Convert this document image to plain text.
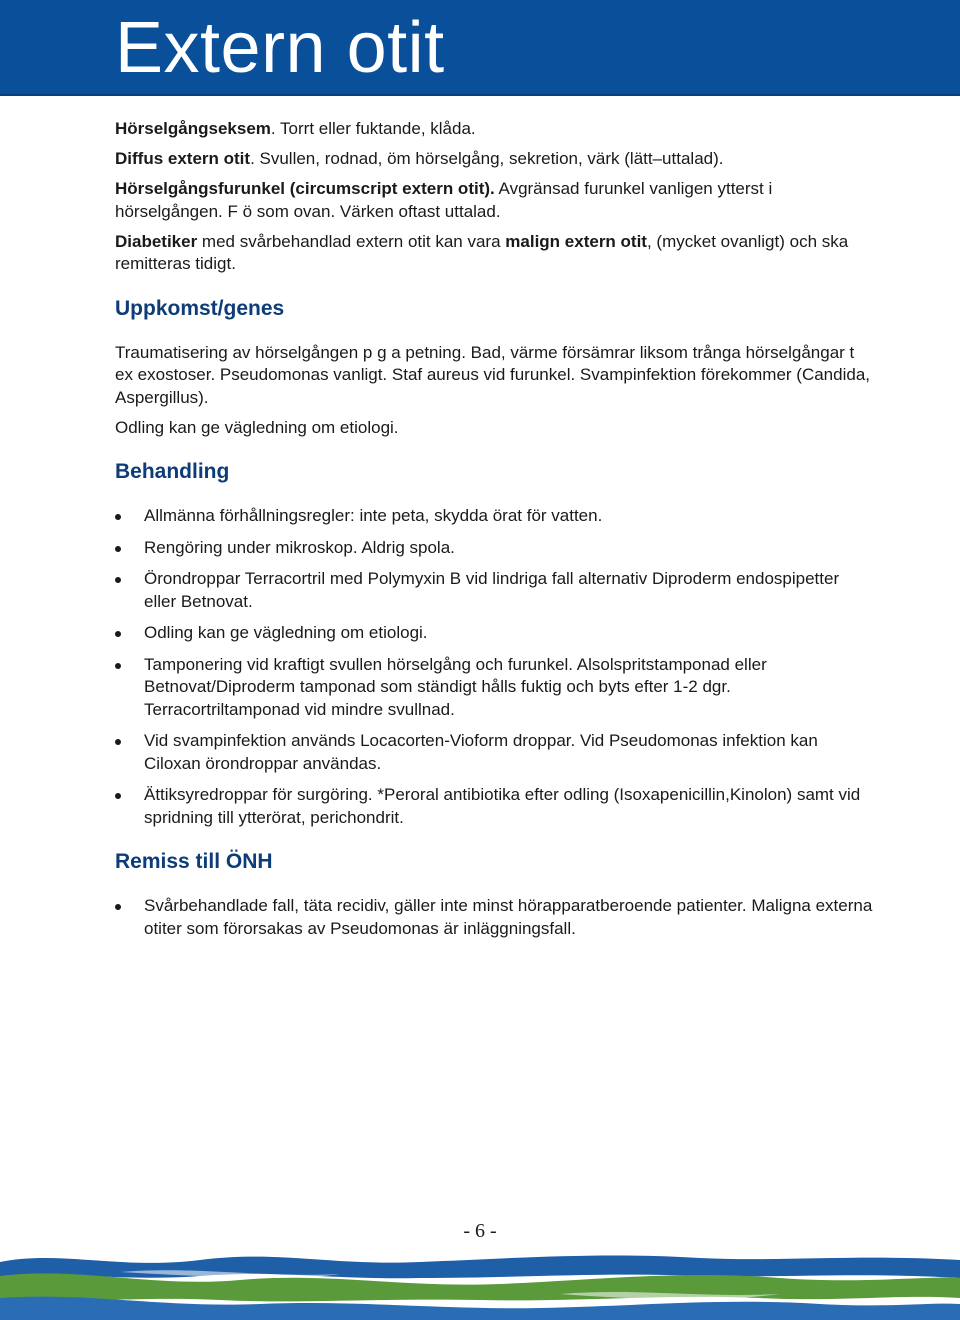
Extern otit

Hörselgångseksem. Torrt eller fuktande, klåda.

Diffus extern otit. Svullen, rodnad, öm hörselgång, sekretion, värk (lätt–uttalad).

Hörselgångsfurunkel (circumscript extern otit). Avgränsad furunkel vanligen ytterst i hörselgången. F ö som ovan. Värken oftast uttalad.

Diabetiker med svårbehandlad extern otit kan vara malign extern otit, (mycket ovanligt) och ska remitteras tidigt.

Uppkomst/genes

Traumatisering av hörselgången p g a petning. Bad, värme försämrar liksom trånga hörselgångar t ex exostoser. Pseudomonas vanligt. Staf aureus vid furunkel. Svampinfektion förekommer (Candida, Aspergillus).

Odling kan ge vägledning om etiologi.

Behandling
Allmänna förhållningsregler: inte peta, skydda örat för vatten.
Rengöring under mikroskop. Aldrig spola.
Örondroppar Terracortril med Polymyxin B vid lindriga fall alternativ Diproderm endospipetter eller Betnovat.
Odling kan ge vägledning om etiologi.
Tamponering vid kraftigt svullen hörselgång och furunkel. Alsolspritstamponad eller Betnovat/Diproderm tamponad som ständigt hålls fuktig och byts efter 1-2 dgr. Terracortriltamponad vid mindre svullnad.
Vid svampinfektion används Locacorten-Vioform droppar. Vid Pseudomonas infektion kan Ciloxan örondroppar användas.
Ättiksyredroppar för surgöring. *Peroral antibiotika efter odling (Isoxapenicillin,Kinolon) samt vid spridning till ytterörat, perichondrit.
Remiss till ÖNH
Svårbehandlade fall, täta recidiv, gäller inte minst hörapparatberoende patienter. Maligna externa otiter som förorsakas av Pseudomonas är inläggningsfall.
- 6 -
